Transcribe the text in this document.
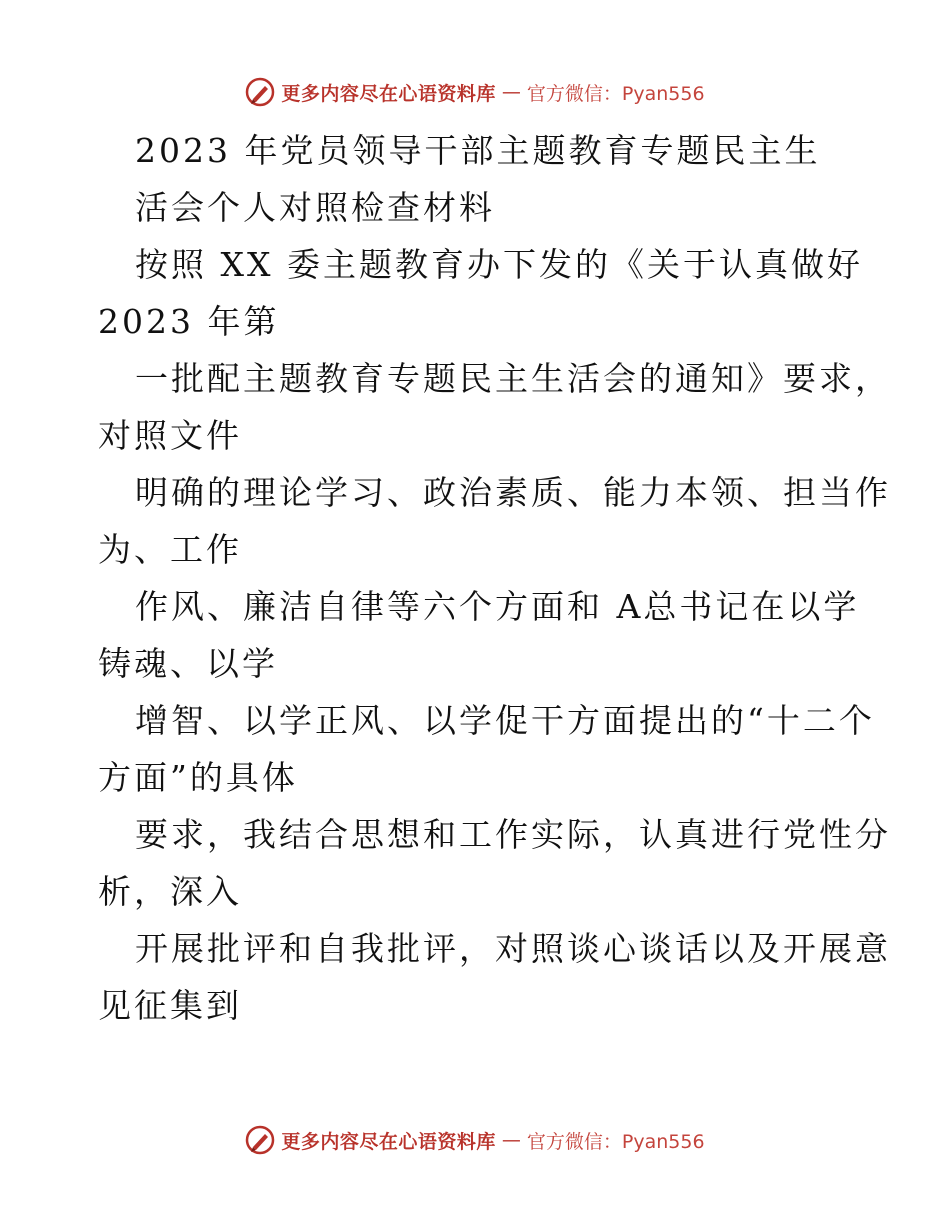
更多内容尽在心语资料库 — 官方微信：Pyan556
2023 年党员领导干部主题教育专题民主生
活会个人对照检查材料
按照 XX 委主题教育办下发的《关于认真做好
2023 年第
一批配主题教育专题民主生活会的通知》要求，
对照文件
明确的理论学习、政治素质、能力本领、担当作
为、工作
作风、廉洁自律等六个方面和 A总书记在以学
铸魂、以学
增智、以学正风、以学促干方面提出的“十二个
方面”的具体
要求，我结合思想和工作实际，认真进行党性分
析，深入
开展批评和自我批评，对照谈心谈话以及开展意
见征集到
更多内容尽在心语资料库 — 官方微信：Pyan556
